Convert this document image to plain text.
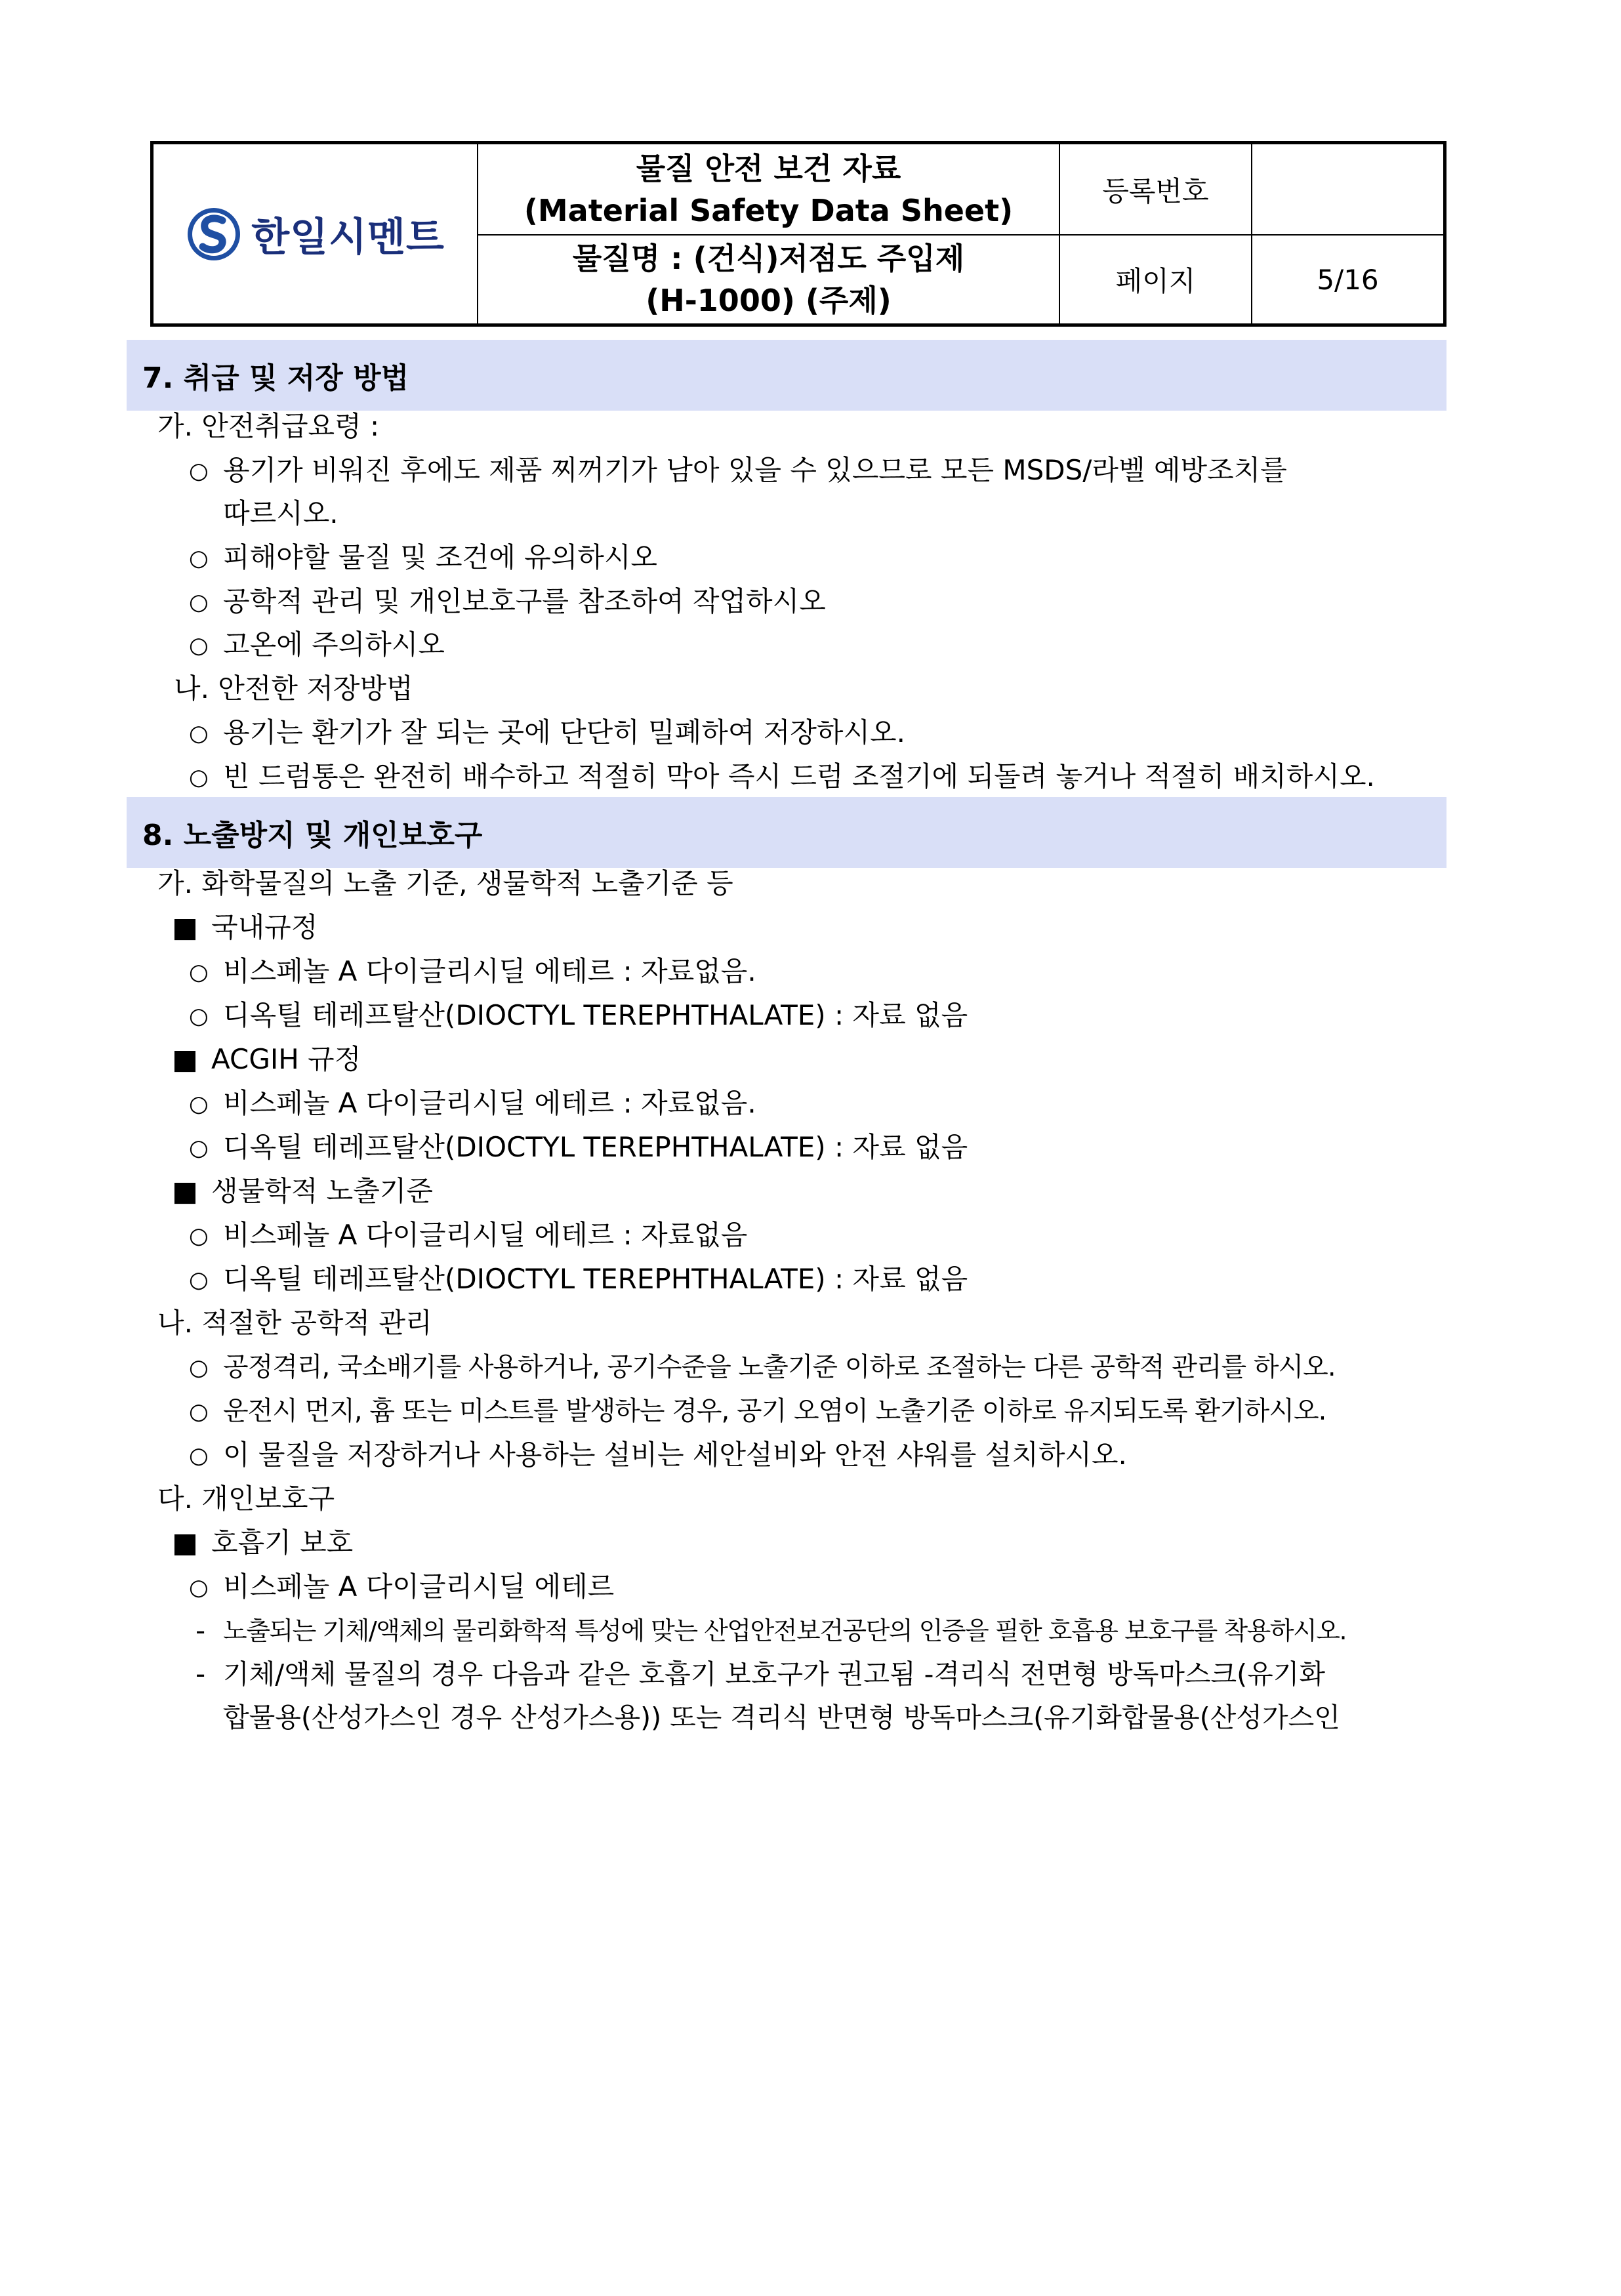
한일시멘트
물질 안전 보건 자료
(Material Safety Data Sheet)
물질명 : (건식)저점도 주입제
(H-1000) (주제)
등록번호
페이지	5/16
7. 취급 및 저장 방법
가. 안전취급요령 :
○ 용기가 비워진 후에도 제품 찌꺼기가 남아 있을 수 있으므로 모든 MSDS/라벨 예방조치를
따르시오.
○ 피해야할 물질 및 조건에 유의하시오
○ 공학적 관리 및 개인보호구를 참조하여 작업하시오
○ 고온에 주의하시오
나. 안전한 저장방법
○ 용기는 환기가 잘 되는 곳에 단단히 밀폐하여 저장하시오.
○ 빈 드럼통은 완전히 배수하고 적절히 막아 즉시 드럼 조절기에 되돌려 놓거나 적절히 배치하시오.
8. 노출방지 및 개인보호구
가. 화학물질의 노출 기준, 생물학적 노출기준 등
■ 국내규정
○ 비스페놀 A 다이글리시딜 에테르 : 자료없음.
○ 디옥틸 테레프탈산(DIOCTYL TEREPHTHALATE) : 자료 없음
■ ACGIH 규정
○ 비스페놀 A 다이글리시딜 에테르 : 자료없음.
○ 디옥틸 테레프탈산(DIOCTYL TEREPHTHALATE) : 자료 없음
■ 생물학적 노출기준
○ 비스페놀 A 다이글리시딜 에테르 : 자료없음
○ 디옥틸 테레프탈산(DIOCTYL TEREPHTHALATE) : 자료 없음
나. 적절한 공학적 관리
○ 공정격리, 국소배기를 사용하거나, 공기수준을 노출기준 이하로 조절하는 다른 공학적 관리를 하시오.
○ 운전시 먼지, 흄 또는 미스트를 발생하는 경우, 공기 오염이 노출기준 이하로 유지되도록 환기하시오.
○ 이 물질을 저장하거나 사용하는 설비는 세안설비와 안전 샤워를 설치하시오.
다. 개인보호구
■ 호흡기 보호
○ 비스페놀 A 다이글리시딜 에테르
- 노출되는 기체/액체의 물리화학적 특성에 맞는 산업안전보건공단의 인증을 필한 호흡용 보호구를 착용하시오.
- 기체/액체 물질의 경우 다음과 같은 호흡기 보호구가 권고됨 -격리식 전면형 방독마스크(유기화
합물용(산성가스인 경우 산성가스용)) 또는 격리식 반면형 방독마스크(유기화합물용(산성가스인
